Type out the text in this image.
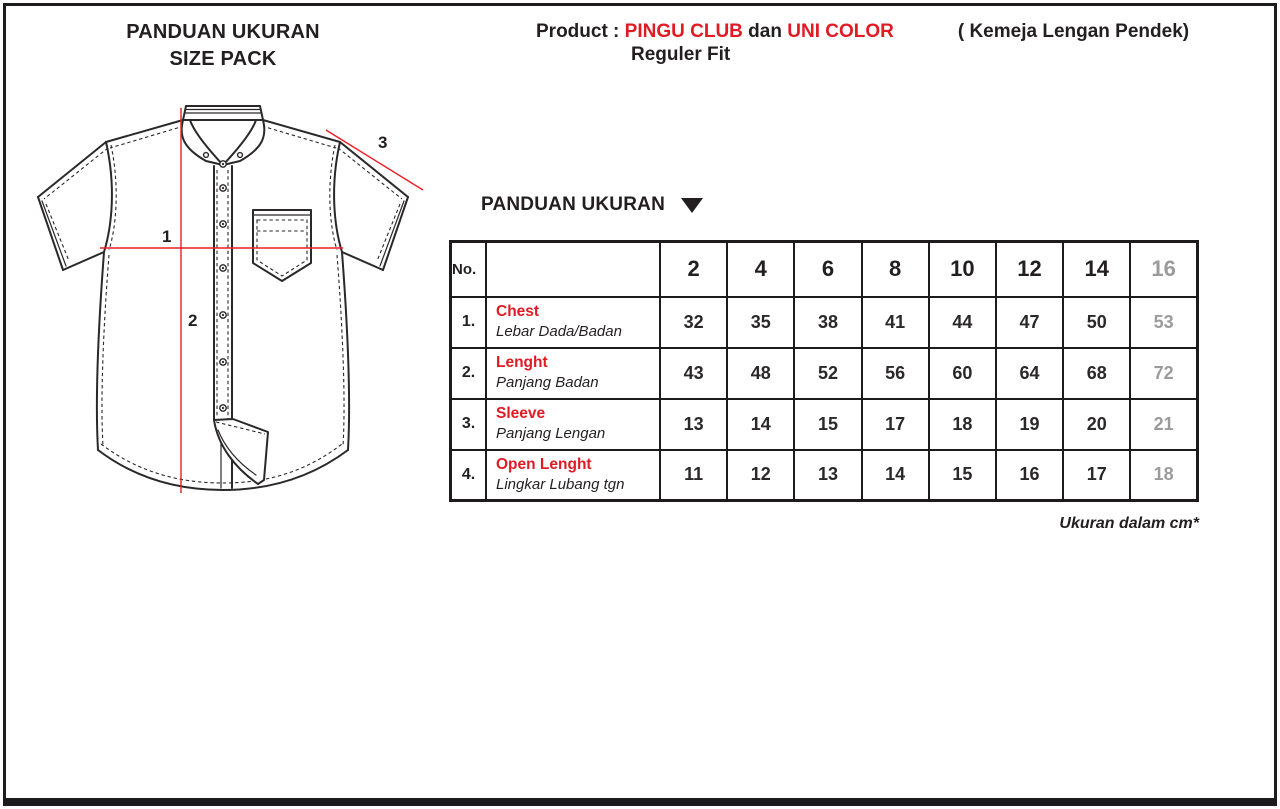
PANDUAN UKURAN
SIZE PACK
Product : PINGU CLUB dan UNI COLOR	( Kemeja Lengan Pendek)
Reguler Fit
1
2
3
PANDUAN UKURAN
No.		2	4	6	8	10	12	14	16
1.	Chest
Lebar Dada/Badan	32	35	38	41	44	47	50	53
2.	Lenght
Panjang Badan	43	48	52	56	60	64	68	72
3.	Sleeve
Panjang Lengan	13	14	15	17	18	19	20	21
4.	Open Lenght
Lingkar Lubang tgn	11	12	13	14	15	16	17	18
Ukuran dalam cm*
